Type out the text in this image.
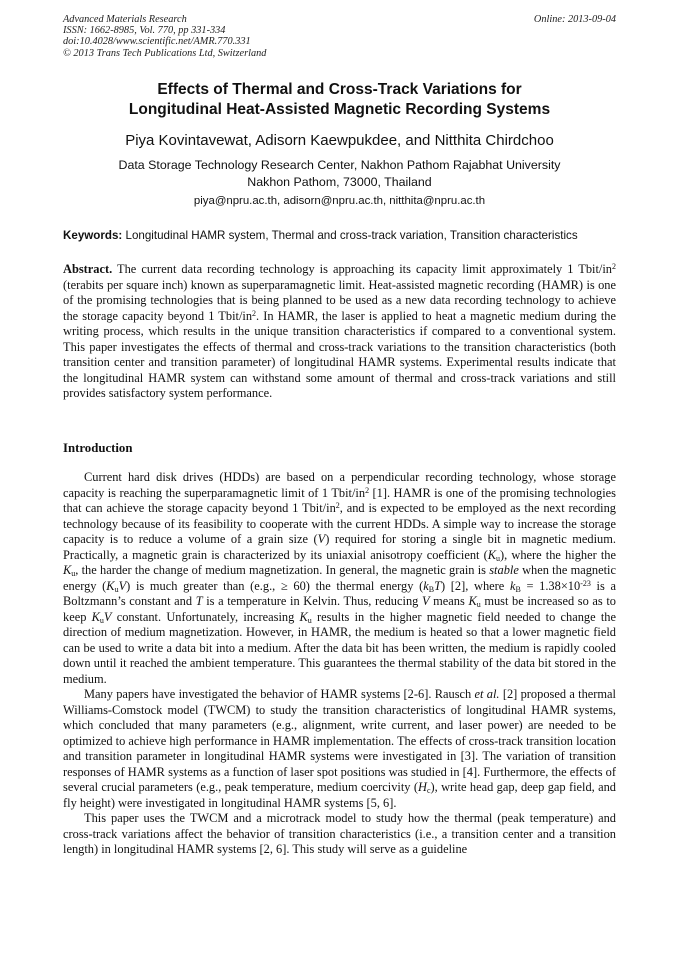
Advanced Materials Research
ISSN: 1662-8985, Vol. 770, pp 331-334
doi:10.4028/www.scientific.net/AMR.770.331
© 2013 Trans Tech Publications Ltd, Switzerland
Online: 2013-09-04
Effects of Thermal and Cross-Track Variations for
Longitudinal Heat-Assisted Magnetic Recording Systems
Piya Kovintavewat, Adisorn Kaewpukdee, and Nitthita Chirdchoo
Data Storage Technology Research Center, Nakhon Pathom Rajabhat University
Nakhon Pathom, 73000, Thailand
piya@npru.ac.th, adisorn@npru.ac.th, nitthita@npru.ac.th
Keywords: Longitudinal HAMR system, Thermal and cross-track variation, Transition characteristics

Abstract. The current data recording technology is approaching its capacity limit approximately 1 Tbit/$in^2$ (terabits per square inch) known as superparamagnetic limit. Heat-assisted magnetic recording (HAMR) is one of the promising technologies that is being planned to be used as a new data recording technology to achieve the storage capacity beyond 1 Tbit/$in^2$. In HAMR, the laser is applied to heat a magnetic medium during the writing process, which results in the unique transition characteristics if compared to a conventional system. This paper investigates the effects of thermal and cross-track variations to the transition characteristics (both transition center and transition parameter) of longitudinal HAMR systems. Experimental results indicate that the longitudinal HAMR system can withstand some amount of thermal and cross-track variations and still provides satisfactory system performance.

Introduction

Current hard disk drives (HDDs) are based on a perpendicular recording technology, whose storage capacity is reaching the superparamagnetic limit of 1 Tbit/$in^2$ [1]. HAMR is one of the promising technologies that can achieve the storage capacity beyond 1 Tbit/$in^2$, and is expected to be employed as the next recording technology because of its feasibility to cooperate with the current HDDs. A simple way to increase the storage capacity is to reduce a volume of a grain size (V) required for storing a single bit in magnetic medium. Practically, a magnetic grain is characterized by its uniaxial anisotropy coefficient $(K_u)$, where the higher the $K_u$, the harder the change of medium magnetization. In general, the magnetic grain is stable when the magnetic energy $(K_uV)$ is much greater than (e.g., ≥ 60) the thermal energy $(k_BT)$ [2], where $k_B = 1.38\times 10^{-23}$ is a Boltzmann’s constant and T is a temperature in Kelvin. Thus, reducing V means $K_u$ must be increased so as to keep $K_uV$ constant. Unfortunately, increasing $K_u$ results in the higher magnetic field needed to change the direction of medium magnetization. However, in HAMR, the medium is heated so that a lower magnetic field can be used to write a data bit into a medium. After the data bit has been written, the medium is rapidly cooled down until it reached the ambient temperature. This guarantees the thermal stability of the data bit stored in the medium.

Many papers have investigated the behavior of HAMR systems [2-6]. Rausch et al. [2] proposed a thermal Williams-Comstock model (TWCM) to study the transition characteristics of longitudinal HAMR systems, which concluded that many parameters (e.g., alignment, write current, and laser power) are needed to be optimized to achieve high performance in HAMR implementation. The effects of cross-track transition location and transition parameter in longitudinal HAMR systems were investigated in [3]. The variation of transition responses of HAMR systems as a function of laser spot positions was studied in [4]. Furthermore, the effects of several crucial parameters (e.g., peak temperature, medium coercivity $(H_c)$, write head gap, deep gap field, and fly height) were investigated in longitudinal HAMR systems [5, 6].

This paper uses the TWCM and a microtrack model to study how the thermal (peak temperature) and cross-track variations affect the behavior of transition characteristics (i.e., a transition center and a transition length) in longitudinal HAMR systems [2, 6]. This study will serve as a guideline
